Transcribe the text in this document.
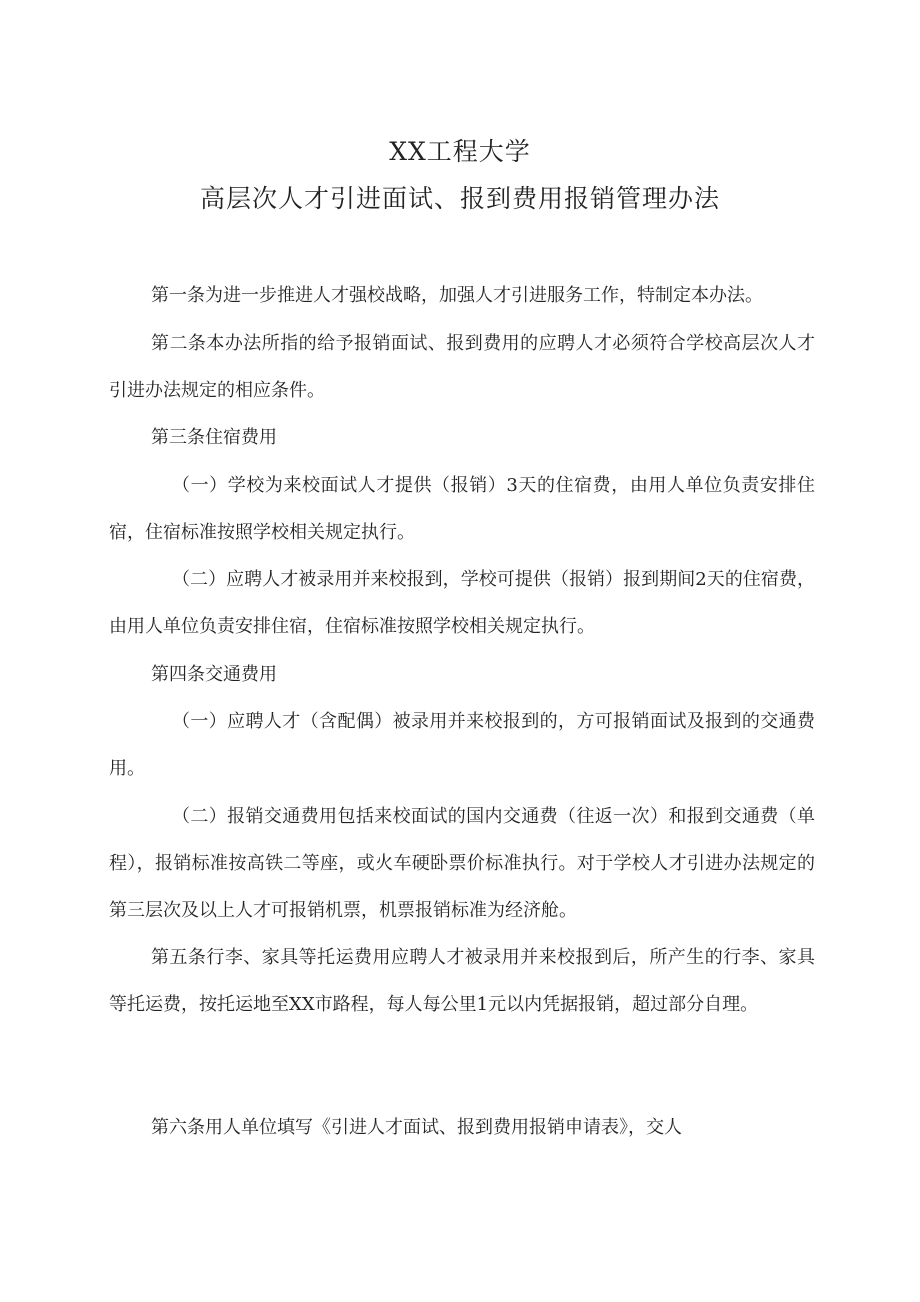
XX工程大学
高层次人才引进面试、报到费用报销管理办法

第一条为进一步推进人才强校战略，加强人才引进服务工作，特制定本办法。

第二条本办法所指的给予报销面试、报到费用的应聘人才必须符合学校高层次人才引进办法规定的相应条件。

第三条住宿费用

（一）学校为来校面试人才提供（报销）3天的住宿费，由用人单位负责安排住宿，住宿标准按照学校相关规定执行。

（二）应聘人才被录用并来校报到，学校可提供（报销）报到期间2天的住宿费，由用人单位负责安排住宿，住宿标准按照学校相关规定执行。

第四条交通费用

（一）应聘人才（含配偶）被录用并来校报到的，方可报销面试及报到的交通费用。

（二）报销交通费用包括来校面试的国内交通费（往返一次）和报到交通费（单程），报销标准按高铁二等座，或火车硬卧票价标准执行。对于学校人才引进办法规定的第三层次及以上人才可报销机票，机票报销标准为经济舱。

第五条行李、家具等托运费用应聘人才被录用并来校报到后，所产生的行李、家具等托运费，按托运地至XX市路程，每人每公里1元以内凭据报销，超过部分自理。

第六条用人单位填写《引进人才面试、报到费用报销申请表》，交人
